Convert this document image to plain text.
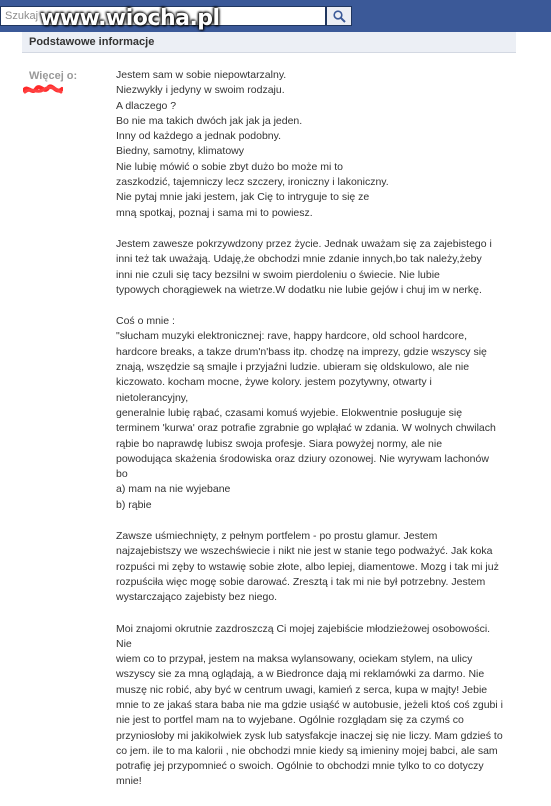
Szukaj www.wiocha.pl
Podstawowe informacje
Więcej o:	Jestem sam w sobie niepowtarzalny.
Niezwykły i jedyny w swoim rodzaju.
A dlaczego ?
Bo nie ma takich dwóch jak jak ja jeden.
Inny od każdego a jednak podobny.
Biedny, samotny, klimatowy
Nie lubię mówić o sobie zbyt dużo bo może mi to
zaszkodzić, tajemniczy lecz szczery, ironiczny i lakoniczny.
Nie pytaj mnie jaki jestem, jak Cię to intryguje to się ze
mną spotkaj, poznaj i sama mi to powiesz.

Jestem zawesze pokrzywdzony przez życie. Jednak uważam się za zajebistego i
inni też tak uważają. Udaję,że obchodzi mnie zdanie innych,bo tak należy,żeby
inni nie czuli się tacy bezsilni w swoim pierdoleniu o świecie. Nie lubie
typowych chorągiewek na wietrze.W dodatku nie lubie gejów i chuj im w nerkę.

Coś o mnie :
"słucham muzyki elektronicznej: rave, happy hardcore, old school hardcore,
hardcore breaks, a takze drum'n'bass itp. chodzę na imprezy, gdzie wszyscy się
znają, wszędzie są smajle i przyjaźni ludzie. ubieram się oldskulowo, ale nie
kiczowato. kocham mocne, żywe kolory. jestem pozytywny, otwarty i
nietolerancyjny,
generalnie lubię rąbać, czasami komuś wyjebie. Elokwentnie posługuje się
terminem 'kurwa' oraz potrafie zgrabnie go wpląłać w zdania. W wolnych chwilach
rąbie bo naprawdę lubisz swoja profesje. Siara powyżej normy, ale nie
powodująca skażenia środowiska oraz dziury ozonowej. Nie wyrywam lachonów
bo
a) mam na nie wyjebane
b) rąbie

Zawsze uśmiechnięty, z pełnym portfelem - po prostu glamur. Jestem
najzajebistszy we wszechświecie i nikt nie jest w stanie tego podważyć. Jak koka
rozpuści mi zęby to wstawię sobie złote, albo lepiej, diamentowe. Mozg i tak mi już
rozpuściła więc mogę sobie darować. Zresztą i tak mi nie był potrzebny. Jestem
wystarczająco zajebisty bez niego.

Moi znajomi okrutnie zazdroszczą Ci mojej zajebiście młodzieżowej osobowości. Nie
wiem co to przypał, jestem na maksa wylansowany, ociekam stylem, na ulicy
wszyscy sie za mną oglądają, a w Biedronce dają mi reklamówki za darmo. Nie
muszę nic robić, aby być w centrum uwagi, kamień z serca, kupa w majty! Jebie
mnie to ze jakaś stara baba nie ma gdzie usiąść w autobusie, jeżeli ktoś coś zgubi i
nie jest to portfel mam na to wyjebane. Ogólnie rozglądam się za czymś co
przyniosłoby mi jakikolwiek zysk lub satysfakcje inaczej się nie liczy. Mam gdzieś to
co jem. ile to ma kalorii , nie obchodzi mnie kiedy są imieniny mojej babci, ale sam
potrafię jej przypomnieć o swoich. Ogólnie to obchodzi mnie tylko to co dotyczy
mnie!
